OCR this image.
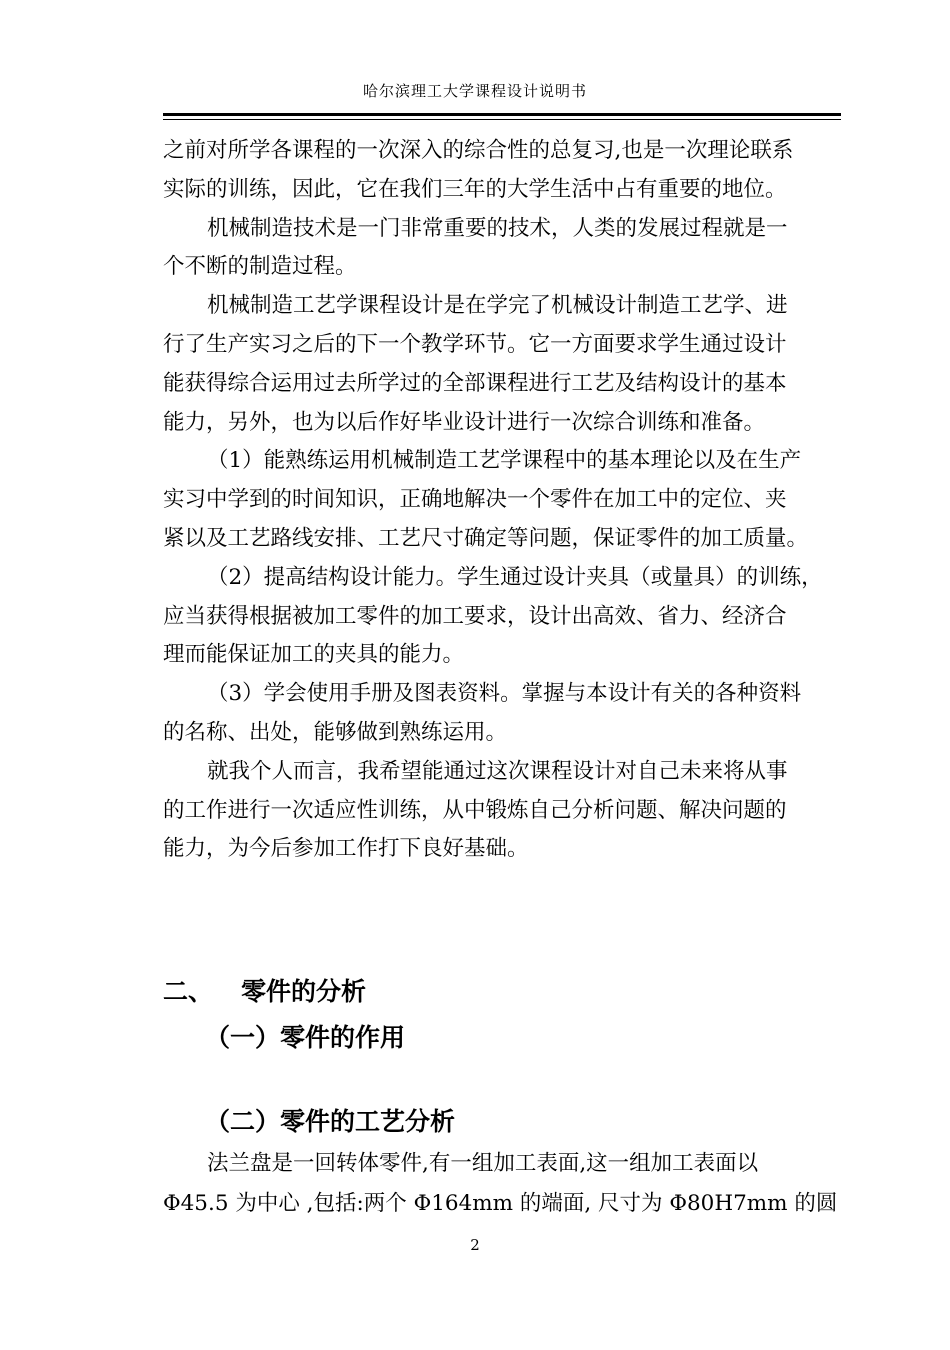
哈尔滨理工大学课程设计说明书
之前对所学各课程的一次深入的综合性的总复习,也是一次理论联系
实际的训练，因此，它在我们三年的大学生活中占有重要的地位。
机械制造技术是一门非常重要的技术，人类的发展过程就是一
个不断的制造过程。
机械制造工艺学课程设计是在学完了机械设计制造工艺学、进
行了生产实习之后的下一个教学环节。它一方面要求学生通过设计
能获得综合运用过去所学过的全部课程进行工艺及结构设计的基本
能力，另外，也为以后作好毕业设计进行一次综合训练和准备。
（1）能熟练运用机械制造工艺学课程中的基本理论以及在生产
实习中学到的时间知识，正确地解决一个零件在加工中的定位、夹
紧以及工艺路线安排、工艺尺寸确定等问题，保证零件的加工质量。
（2）提高结构设计能力。学生通过设计夹具（或量具）的训练，
应当获得根据被加工零件的加工要求，设计出高效、省力、经济合
理而能保证加工的夹具的能力。
（3）学会使用手册及图表资料。掌握与本设计有关的各种资料
的名称、出处，能够做到熟练运用。
就我个人而言，我希望能通过这次课程设计对自己未来将从事
的工作进行一次适应性训练，从中锻炼自己分析问题、解决问题的
能力，为今后参加工作打下良好基础。
二、 零件的分析
（一）零件的作用
（二）零件的工艺分析
法兰盘是一回转体零件,有一组加工表面,这一组加工表面以
Φ45.5 为中心 ,包括:两个 Φ164mm 的端面, 尺寸为 Φ80H7mm 的圆
2
